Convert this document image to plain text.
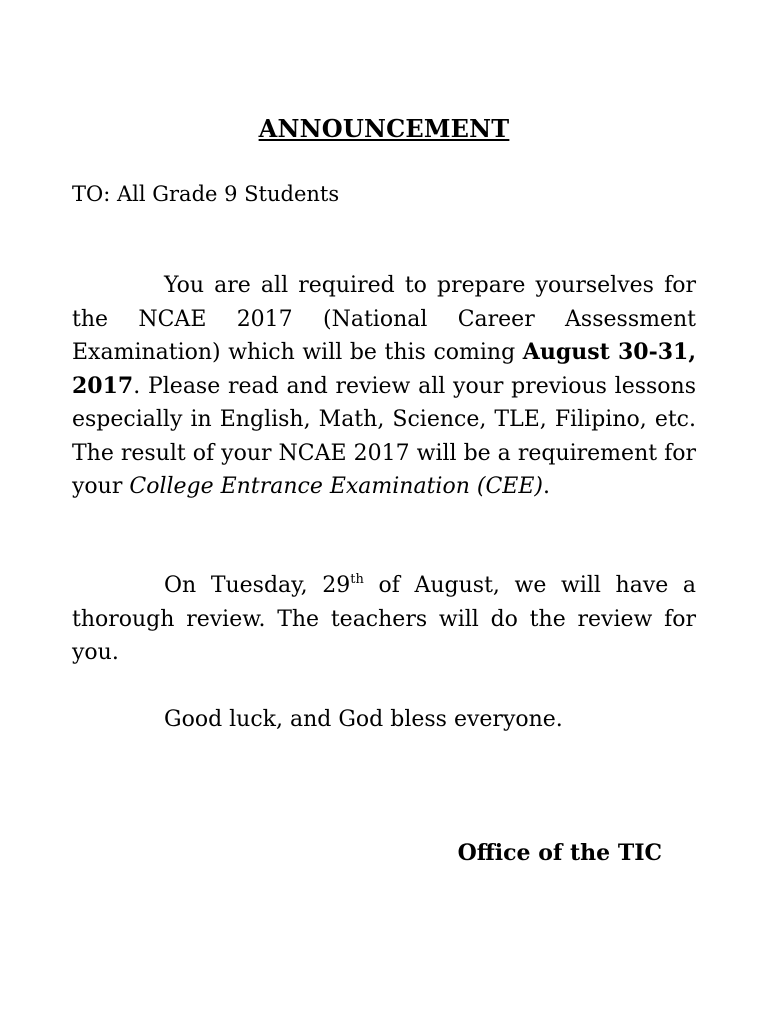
ANNOUNCEMENT
TO: All Grade 9 Students

You are all required to prepare yourselves for the NCAE 2017 (National Career Assessment Examination) which will be this coming August 30-31, 2017. Please read and review all your previous lessons especially in English, Math, Science, TLE, Filipino, etc. The result of your NCAE 2017 will be a requirement for your College Entrance Examination (CEE).

On Tuesday, 29th of August, we will have a thorough review. The teachers will do the review for you.

Good luck, and God bless everyone.

Office of the TIC
